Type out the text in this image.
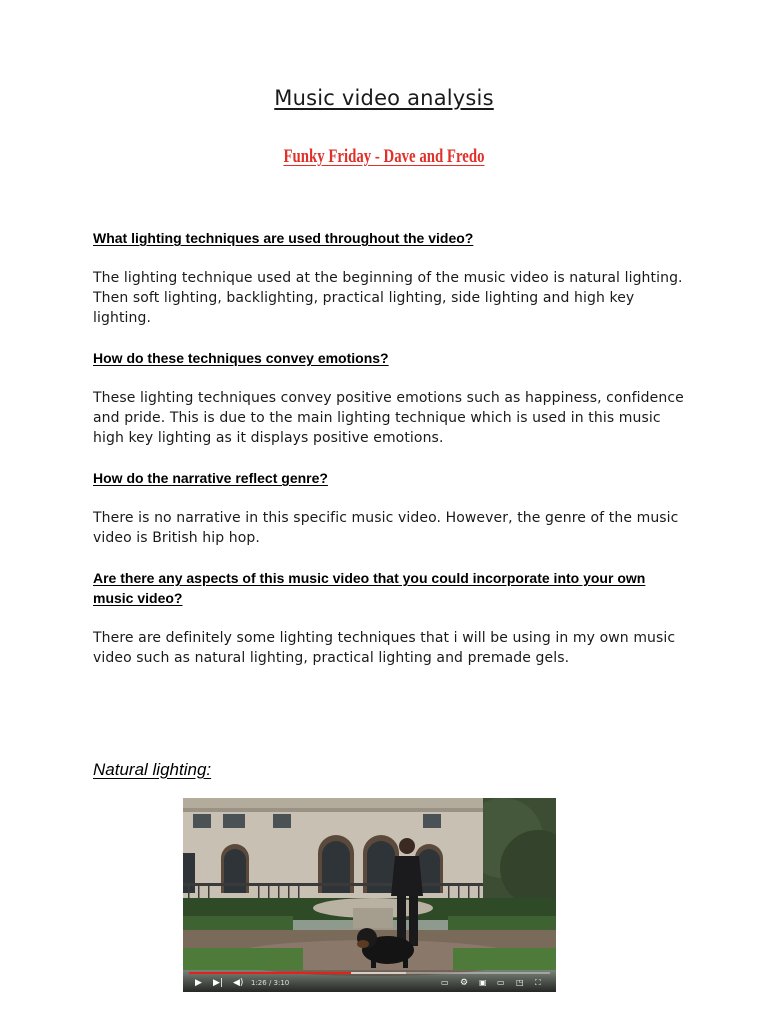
Music video analysis
Funky Friday - Dave and Fredo

What lighting techniques are used throughout the video?

The lighting technique used at the beginning of the music video is natural lighting. Then soft lighting, backlighting, practical lighting, side lighting and high key lighting.

How do these techniques convey emotions?

These lighting techniques convey positive emotions such as happiness, confidence and pride. This is due to the main lighting technique which is used in this music high key lighting as it displays positive emotions.

How do the narrative reflect genre?

There is no narrative in this specific music video. However, the genre of the music video is British hip hop.

Are there any aspects of this music video that you could incorporate into your own music video?

There are definitely some lighting techniques that i will be using in my own music video such as natural lighting, practical lighting and premade gels.

Natural lighting:
▶ ▶| ◀) 1:26 / 3:10	▭ ⚙ ▣ ▭ ◳ ⛶
